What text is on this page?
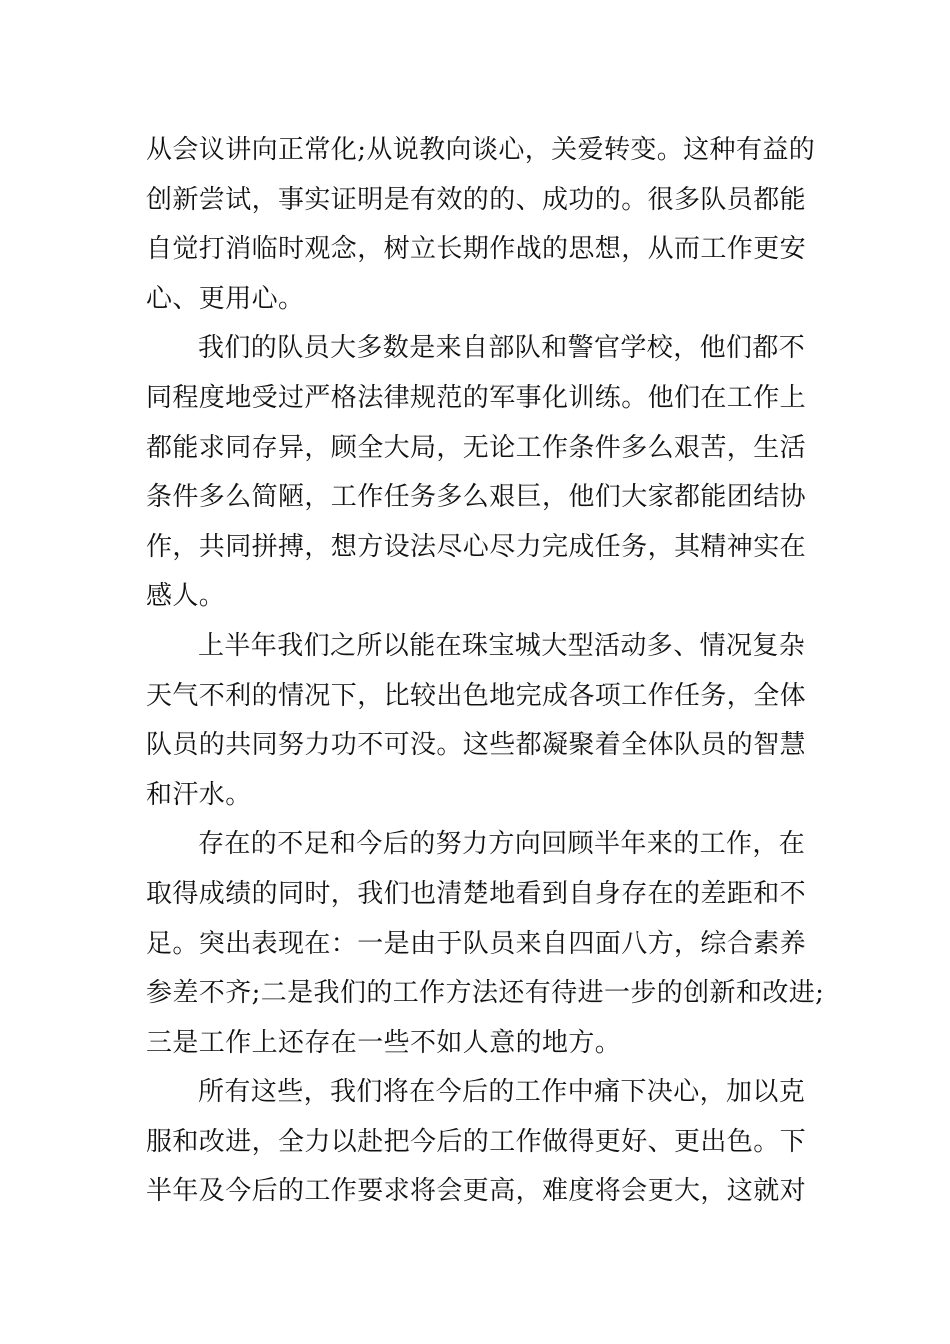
从会议讲向正常化;从说教向谈心，关爱转变。这种有益的
创新尝试，事实证明是有效的的、成功的。很多队员都能
自觉打消临时观念，树立长期作战的思想，从而工作更安
心、更用心。
我们的队员大多数是来自部队和警官学校，他们都不
同程度地受过严格法律规范的军事化训练。他们在工作上
都能求同存异，顾全大局，无论工作条件多么艰苦，生活
条件多么简陋，工作任务多么艰巨，他们大家都能团结协
作，共同拼搏，想方设法尽心尽力完成任务，其精神实在
感人。
上半年我们之所以能在珠宝城大型活动多、情况复杂
天气不利的情况下，比较出色地完成各项工作任务，全体
队员的共同努力功不可没。这些都凝聚着全体队员的智慧
和汗水。
存在的不足和今后的努力方向回顾半年来的工作，在
取得成绩的同时，我们也清楚地看到自身存在的差距和不
足。突出表现在：一是由于队员来自四面八方，综合素养
参差不齐;二是我们的工作方法还有待进一步的创新和改进;
三是工作上还存在一些不如人意的地方。
所有这些，我们将在今后的工作中痛下决心，加以克
服和改进，全力以赴把今后的工作做得更好、更出色。下
半年及今后的工作要求将会更高，难度将会更大，这就对
